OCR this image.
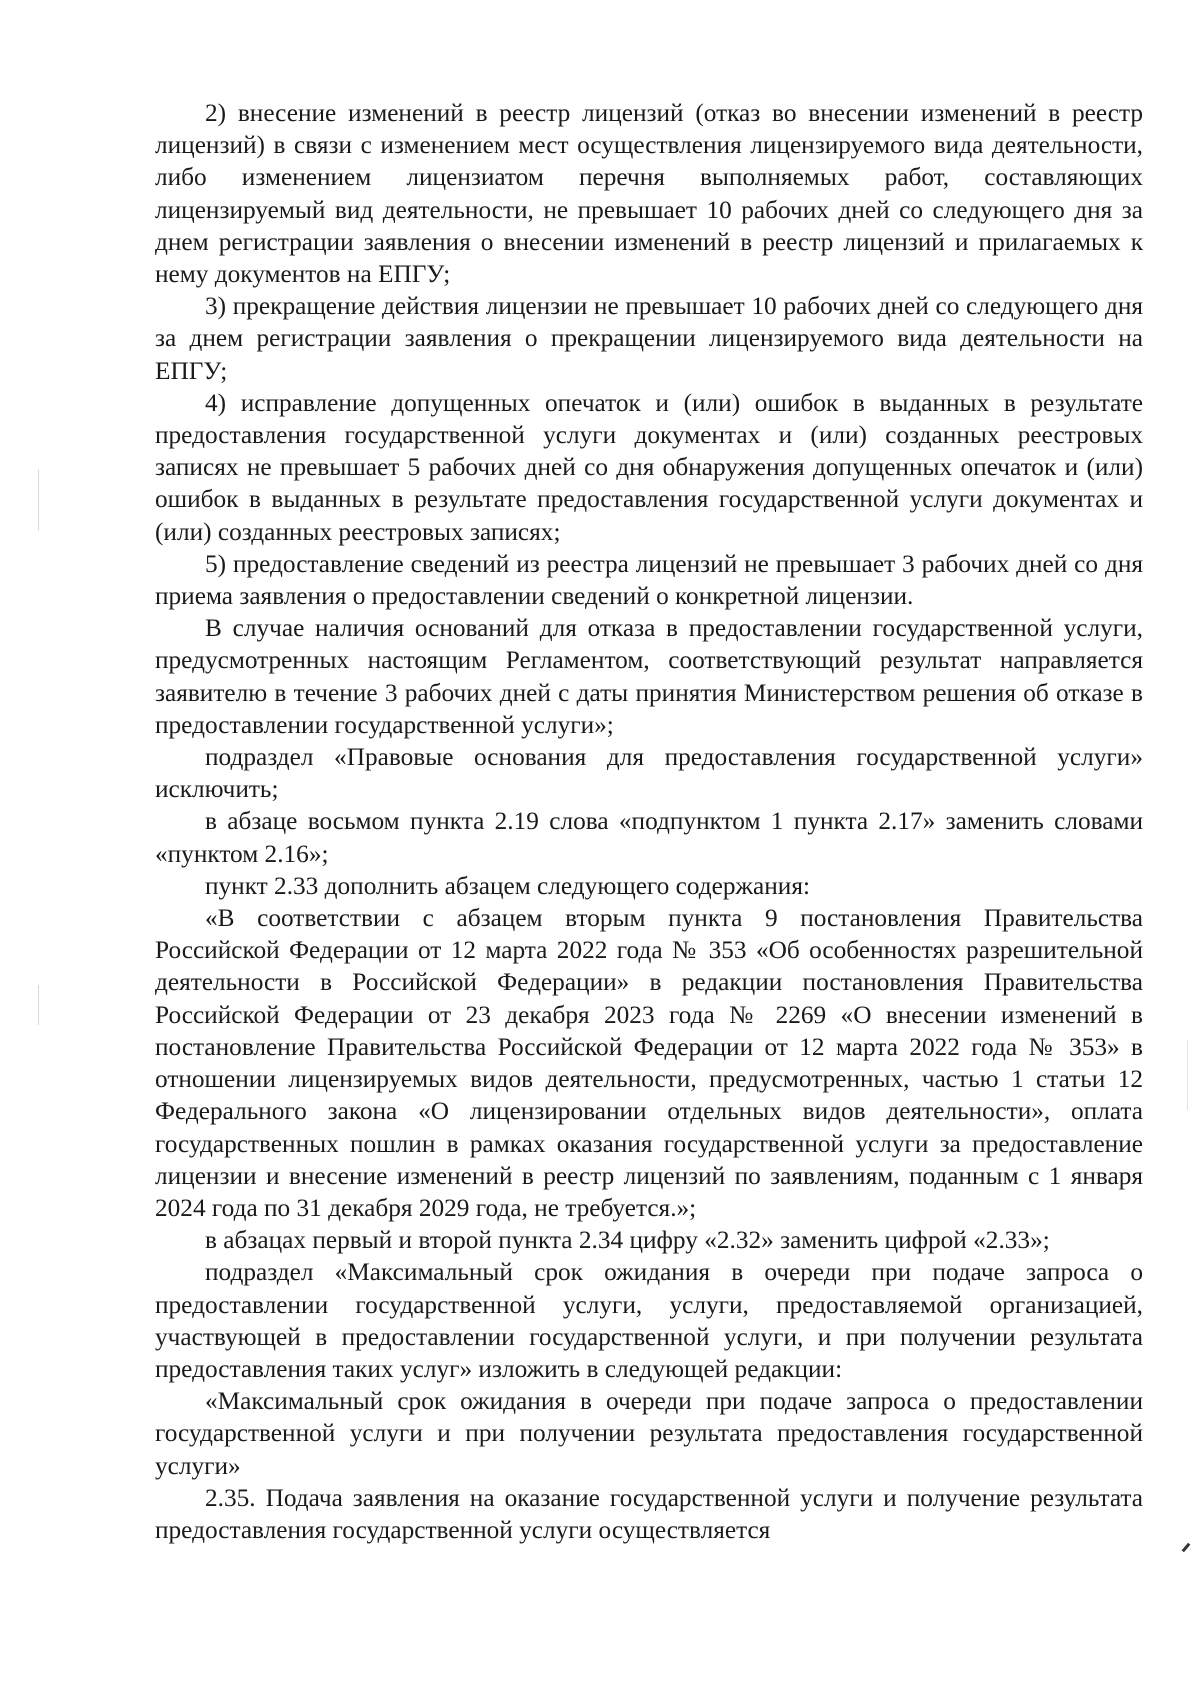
2) внесение изменений в реестр лицензий (отказ во внесении изменений в реестр лицензий) в связи с изменением мест осуществления лицензируемого вида деятельности, либо изменением лицензиатом перечня выполняемых работ, составляющих лицензируемый вид деятельности, не превышает 10 рабочих дней со следующего дня за днем регистрации заявления о внесении изменений в реестр лицензий и прилагаемых к нему документов на ЕПГУ;

3) прекращение действия лицензии не превышает 10 рабочих дней со следующего дня за днем регистрации заявления о прекращении лицензируемого вида деятельности на ЕПГУ;

4) исправление допущенных опечаток и (или) ошибок в выданных в результате предоставления государственной услуги документах и (или) созданных реестровых записях не превышает 5 рабочих дней со дня обнаружения допущенных опечаток и (или) ошибок в выданных в результате предоставления государственной услуги документах и (или) созданных реестровых записях;

5) предоставление сведений из реестра лицензий не превышает 3 рабочих дней со дня приема заявления о предоставлении сведений о конкретной лицензии.

В случае наличия оснований для отказа в предоставлении государственной услуги, предусмотренных настоящим Регламентом, соответствующий результат направляется заявителю в течение 3 рабочих дней с даты принятия Министерством решения об отказе в предоставлении государственной услуги»;

подраздел «Правовые основания для предоставления государственной услуги» исключить;

в абзаце восьмом пункта 2.19 слова «подпунктом 1 пункта 2.17» заменить словами «пунктом 2.16»;

пункт 2.33 дополнить абзацем следующего содержания:

«В соответствии с абзацем вторым пункта 9 постановления Правительства Российской Федерации от 12 марта 2022 года № 353 «Об особенностях разрешительной деятельности в Российской Федерации» в редакции постановления Правительства Российской Федерации от 23 декабря 2023 года № 2269 «О внесении изменений в постановление Правительства Российской Федерации от 12 марта 2022 года № 353» в отношении лицензируемых видов деятельности, предусмотренных, частью 1 статьи 12 Федерального закона «О лицензировании отдельных видов деятельности», оплата государственных пошлин в рамках оказания государственной услуги за предоставление лицензии и внесение изменений в реестр лицензий по заявлениям, поданным с 1 января 2024 года по 31 декабря 2029 года, не требуется.»;

в абзацах первый и второй пункта 2.34 цифру «2.32» заменить цифрой «2.33»;

подраздел «Максимальный срок ожидания в очереди при подаче запроса о предоставлении государственной услуги, услуги, предоставляемой организацией, участвующей в предоставлении государственной услуги, и при получении результата предоставления таких услуг» изложить в следующей редакции:

«Максимальный срок ожидания в очереди при подаче запроса о предоставлении государственной услуги и при получении результата предоставления государственной услуги»

2.35. Подача заявления на оказание государственной услуги и получение результата предоставления государственной услуги осуществляется
